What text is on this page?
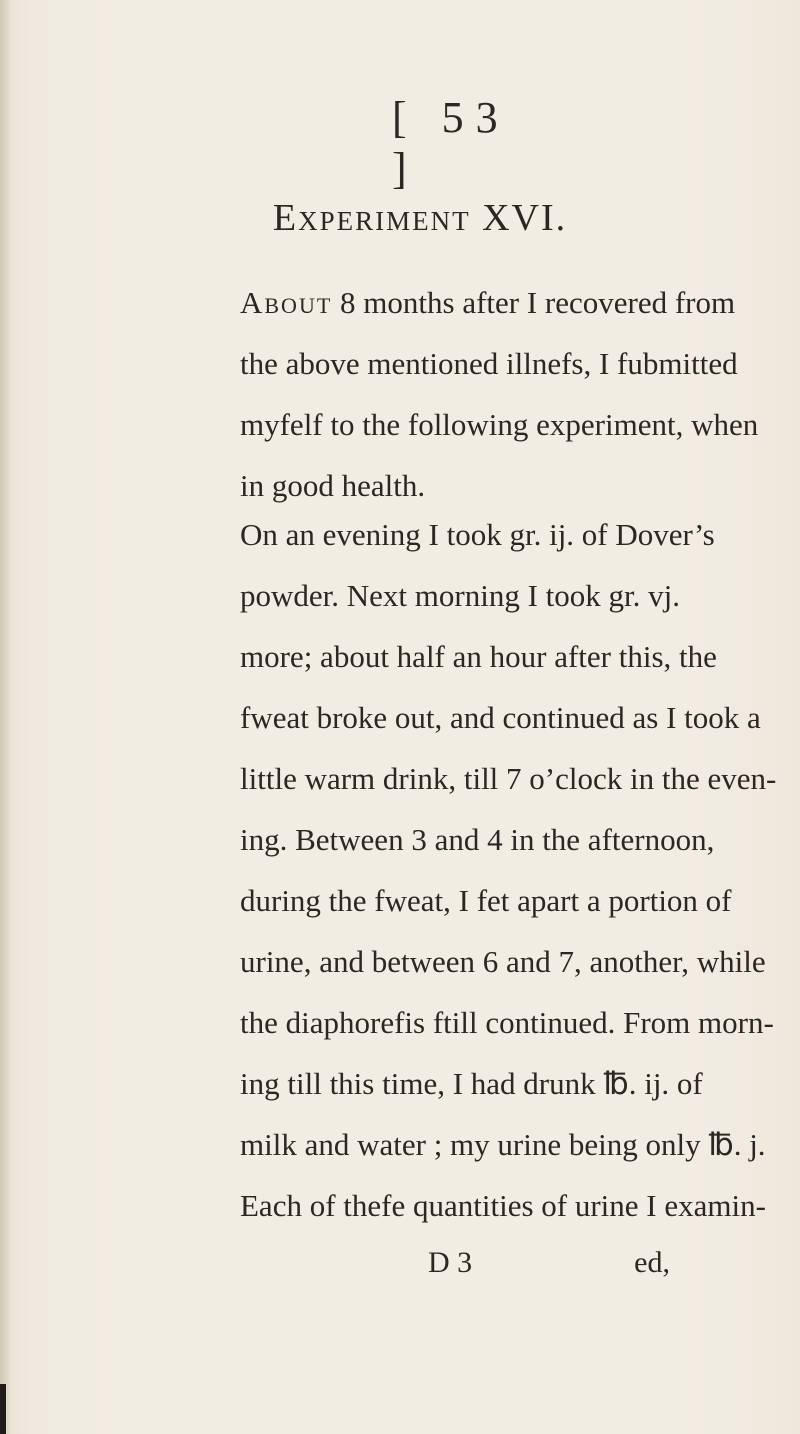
[ 53 ]
Experiment XVI.
About 8 months after I recovered from
the above mentioned illnefs, I fubmitted
myfelf to the following experiment, when
in good health.
On an evening I took gr. ij. of Dover’s
powder. Next morning I took gr. vj.
more; about half an hour after this, the
fweat broke out, and continued as I took a
little warm drink, till 7 o’clock in the even-
ing. Between 3 and 4 in the afternoon,
during the fweat, I fet apart a portion of
urine, and between 6 and 7, another, while
the diaphorefis ftill continued. From morn-
ing till this time, I had drunk ℔. ij. of
milk and water ; my urine being only ℔. j.
Each of thefe quantities of urine I examin-
D 3	ed,
